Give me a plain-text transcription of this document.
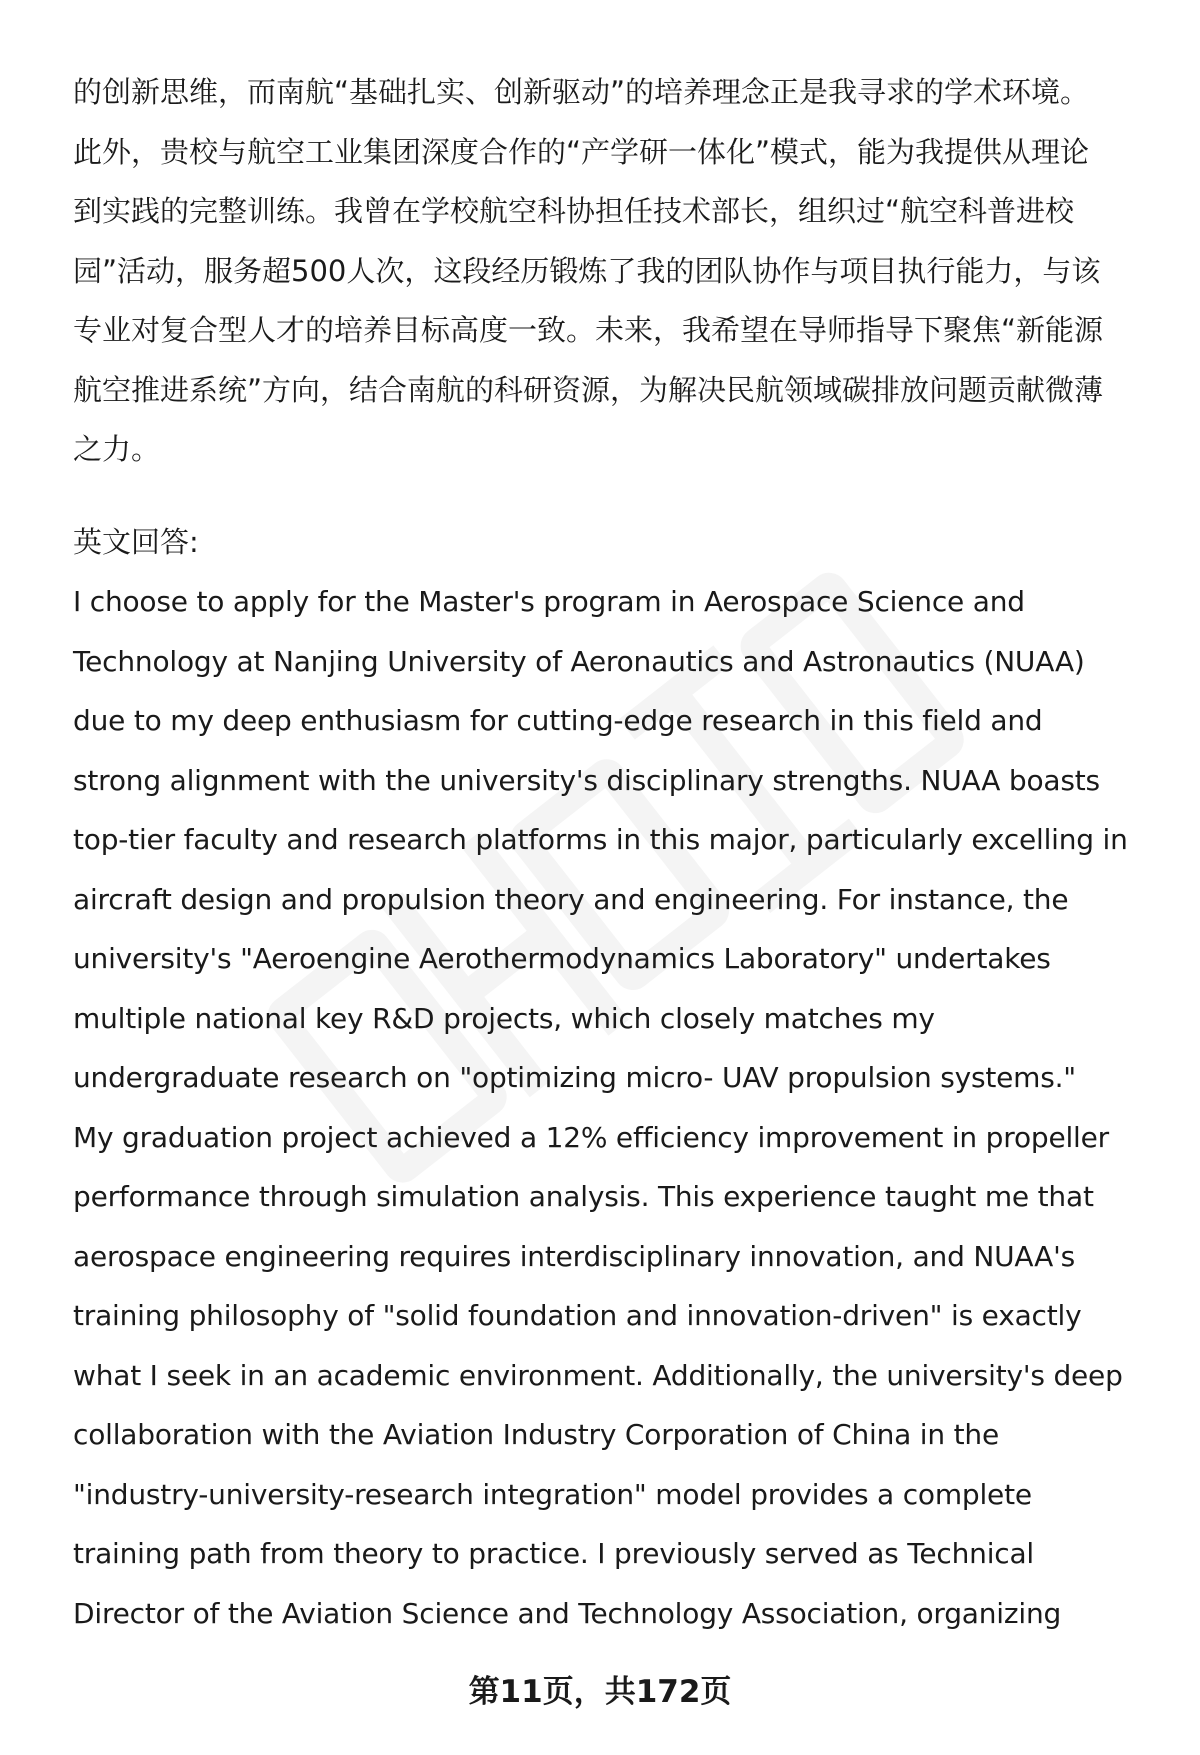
的创新思维，而南航“基础扎实、创新驱动”的培养理念正是我寻求的学术环境。
此外，贵校与航空工业集团深度合作的“产学研一体化”模式，能为我提供从理论
到实践的完整训练。我曾在学校航空科协担任技术部长，组织过“航空科普进校
园”活动，服务超500人次，这段经历锻炼了我的团队协作与项目执行能力，与该
专业对复合型人才的培养目标高度一致。未来，我希望在导师指导下聚焦“新能源
航空推进系统”方向，结合南航的科研资源，为解决民航领域碳排放问题贡献微薄
之力。
英文回答:
I choose to apply for the Master's program in Aerospace Science and
Technology at Nanjing University of Aeronautics and Astronautics (NUAA)
due to my deep enthusiasm for cutting-edge research in this field and
strong alignment with the university's disciplinary strengths. NUAA boasts
top-tier faculty and research platforms in this major, particularly excelling in
aircraft design and propulsion theory and engineering. For instance, the
university's "Aeroengine Aerothermodynamics Laboratory" undertakes
multiple national key R&D projects, which closely matches my
undergraduate research on "optimizing micro- UAV propulsion systems."
My graduation project achieved a 12% efficiency improvement in propeller
performance through simulation analysis. This experience taught me that
aerospace engineering requires interdisciplinary innovation, and NUAA's
training philosophy of "solid foundation and innovation-driven" is exactly
what I seek in an academic environment. Additionally, the university's deep
collaboration with the Aviation Industry Corporation of China in the
"industry-university-research integration" model provides a complete
training path from theory to practice. I previously served as Technical
Director of the Aviation Science and Technology Association, organizing
第11页，共172页
